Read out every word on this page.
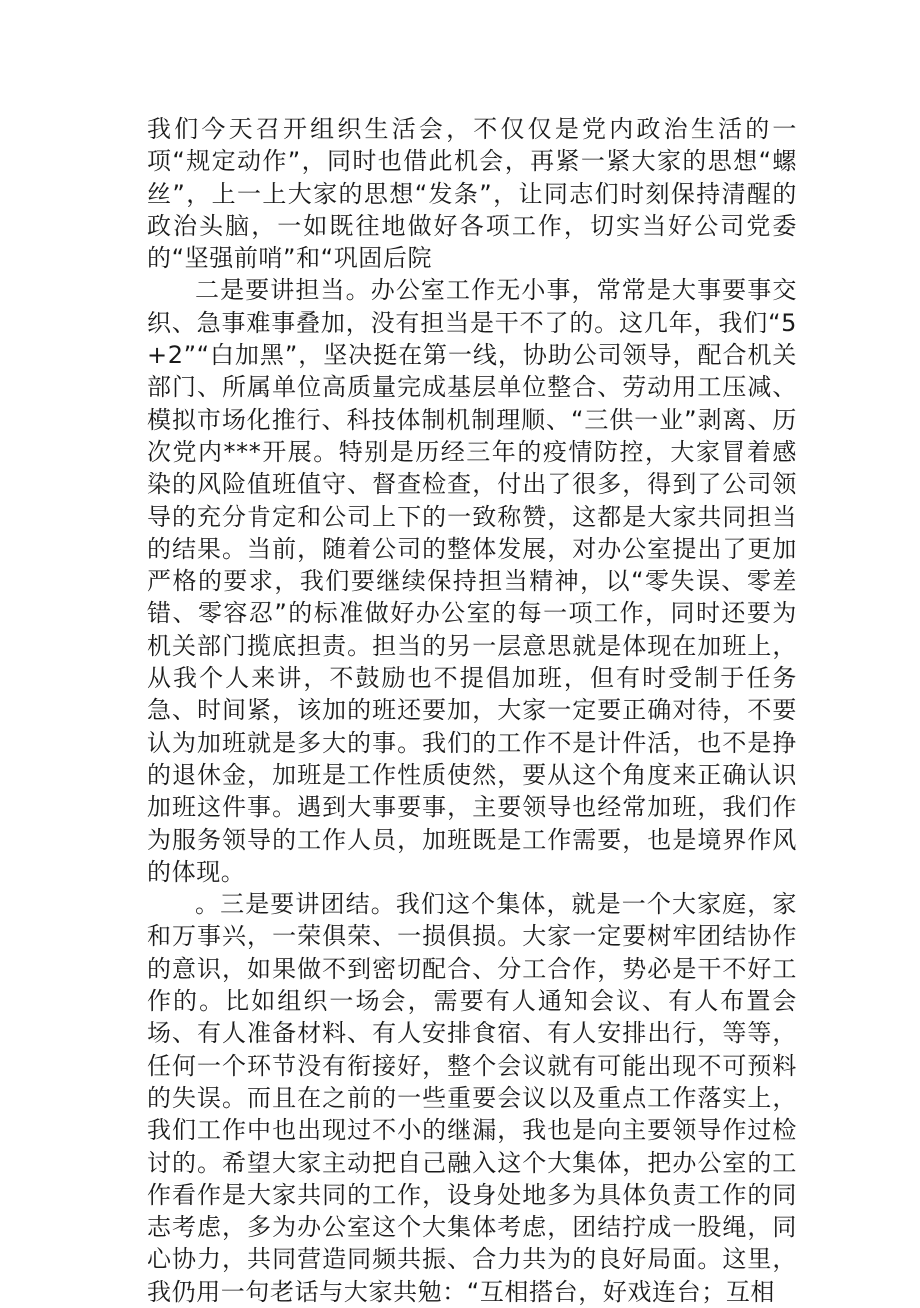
我们今天召开组织生活会，不仅仅是党内政治生活的一项“规定动作”，同时也借此机会，再紧一紧大家的思想“螺丝”，上一上大家的思想“发条”，让同志们时刻保持清醒的政治头脑，一如既往地做好各项工作，切实当好公司党委的“坚强前哨”和“巩固后院

二是要讲担当。办公室工作无小事，常常是大事要事交织、急事难事叠加，没有担当是干不了的。这几年，我们“5+2”“白加黑”，坚决挺在第一线，协助公司领导，配合机关部门、所属单位高质量完成基层单位整合、劳动用工压减、模拟市场化推行、科技体制机制理顺、“三供一业”剥离、历次党内***开展。特别是历经三年的疫情防控，大家冒着感染的风险值班值守、督查检查，付出了很多，得到了公司领导的充分肯定和公司上下的一致称赞，这都是大家共同担当的结果。当前，随着公司的整体发展，对办公室提出了更加严格的要求，我们要继续保持担当精神，以“零失误、零差错、零容忍”的标准做好办公室的每一项工作，同时还要为机关部门揽底担责。担当的另一层意思就是体现在加班上，从我个人来讲，不鼓励也不提倡加班，但有时受制于任务急、时间紧，该加的班还要加，大家一定要正确对待，不要认为加班就是多大的事。我们的工作不是计件活，也不是挣的退休金，加班是工作性质使然，要从这个角度来正确认识加班这件事。遇到大事要事，主要领导也经常加班，我们作为服务领导的工作人员，加班既是工作需要，也是境界作风的体现。

。三是要讲团结。我们这个集体，就是一个大家庭，家和万事兴，一荣俱荣、一损俱损。大家一定要树牢团结协作的意识，如果做不到密切配合、分工合作，势必是干不好工作的。比如组织一场会，需要有人通知会议、有人布置会场、有人准备材料、有人安排食宿、有人安排出行，等等，任何一个环节没有衔接好，整个会议就有可能出现不可预料的失误。而且在之前的一些重要会议以及重点工作落实上，我们工作中也出现过不小的继漏，我也是向主要领导作过检讨的。希望大家主动把自己融入这个大集体，把办公室的工作看作是大家共同的工作，设身处地多为具体负责工作的同志考虑，多为办公室这个大集体考虑，团结拧成一股绳，同心协力，共同营造同频共振、合力共为的良好局面。这里，我仍用一句老话与大家共勉：“互相搭台，好戏连台；互相
